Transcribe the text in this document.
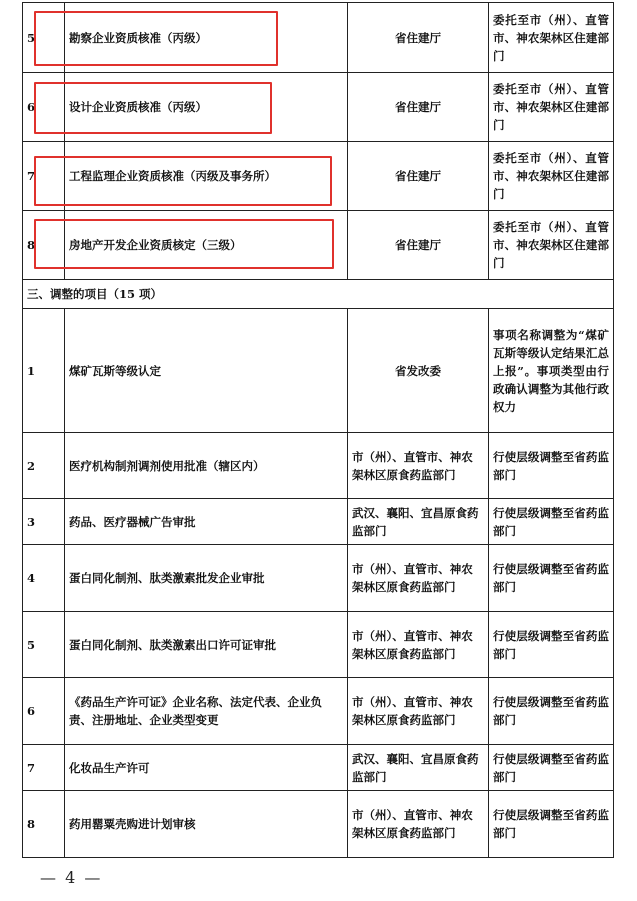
5	勘察企业资质核准（丙级）	省住建厅	委托至市（州）、直管市、神农架林区住建部门
6	设计企业资质核准（丙级）	省住建厅	委托至市（州）、直管市、神农架林区住建部门
7	工程监理企业资质核准（丙级及事务所）	省住建厅	委托至市（州）、直管市、神农架林区住建部门
8	房地产开发企业资质核定（三级）	省住建厅	委托至市（州）、直管市、神农架林区住建部门
三、调整的项目（15 项）			
1	煤矿瓦斯等级认定	省发改委	事项名称调整为“煤矿瓦斯等级认定结果汇总上报”。事项类型由行政确认调整为其他行政权力
2	医疗机构制剂调剂使用批准（辖区内）	市（州）、直管市、神农架林区原食药监部门	行使层级调整至省药监部门
3	药品、医疗器械广告审批	武汉、襄阳、宜昌原食药监部门	行使层级调整至省药监部门
4	蛋白同化制剂、肽类激素批发企业审批	市（州）、直管市、神农架林区原食药监部门	行使层级调整至省药监部门
5	蛋白同化制剂、肽类激素出口许可证审批	市（州）、直管市、神农架林区原食药监部门	行使层级调整至省药监部门
6	《药品生产许可证》企业名称、法定代表、企业负责、注册地址、企业类型变更	市（州）、直管市、神农架林区原食药监部门	行使层级调整至省药监部门
7	化妆品生产许可	武汉、襄阳、宜昌原食药监部门	行使层级调整至省药监部门
8	药用罂粟壳购进计划审核	市（州）、直管市、神农架林区原食药监部门	行使层级调整至省药监部门
— 4 —
